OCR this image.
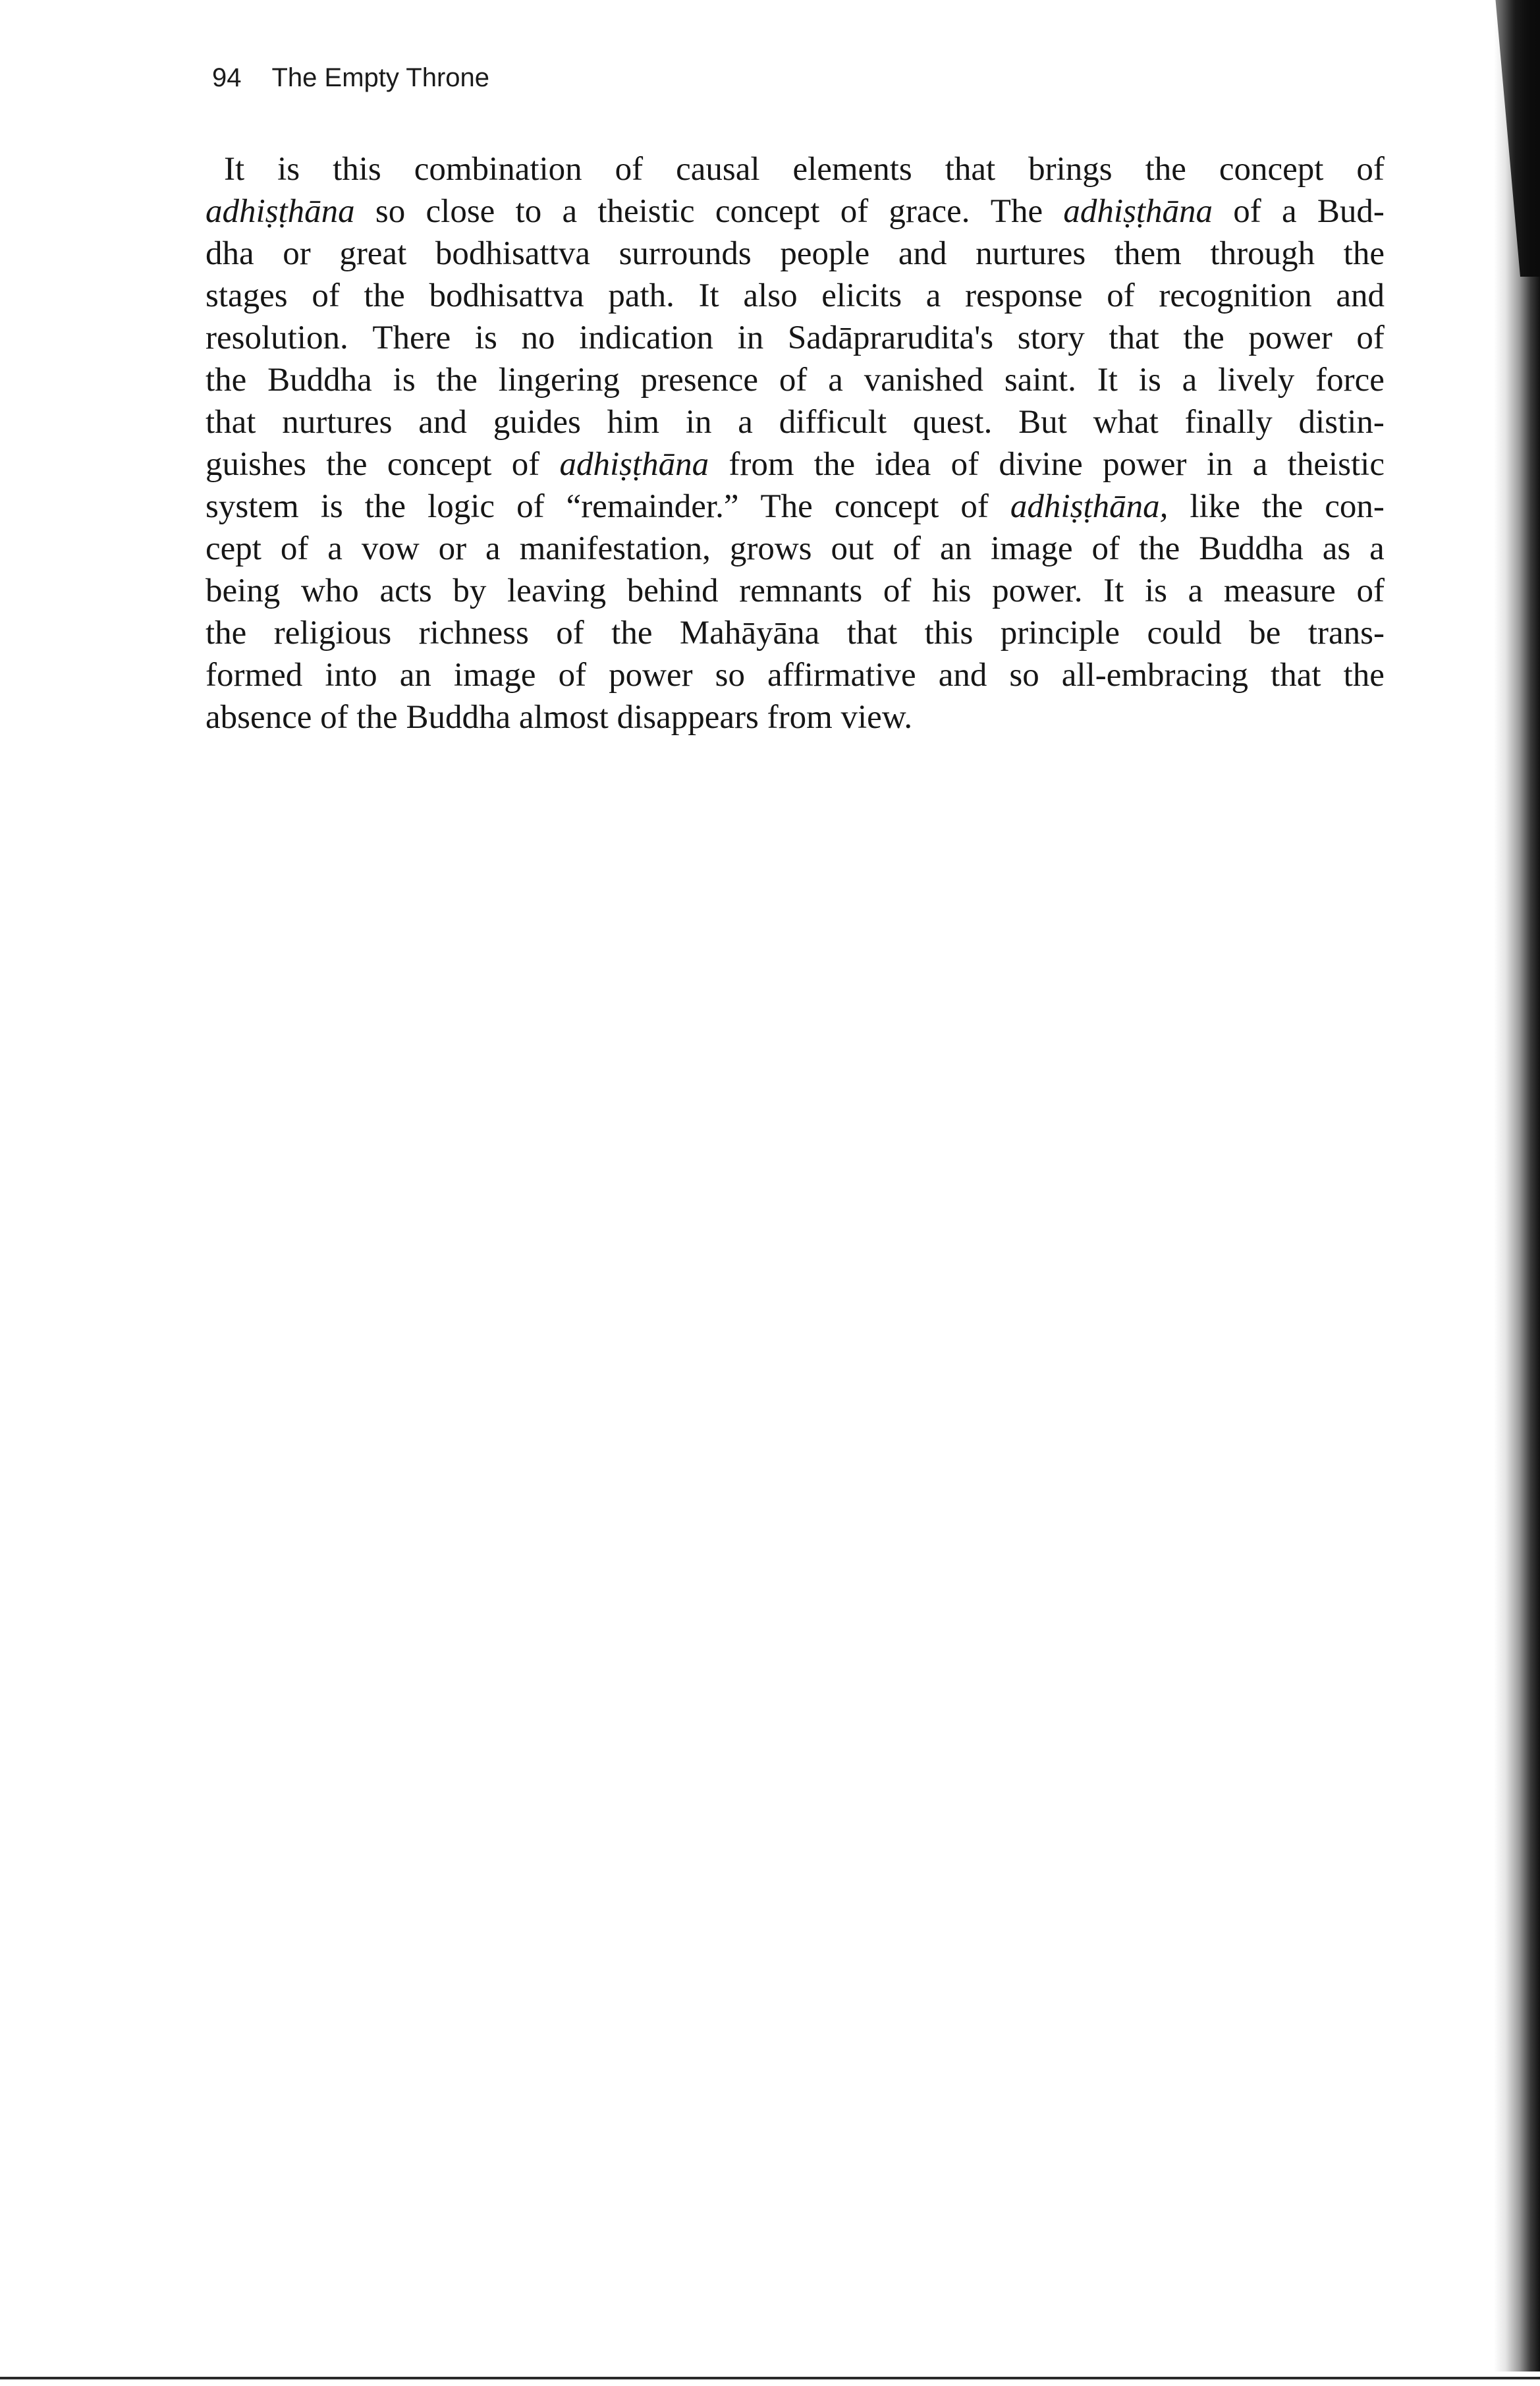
94 The Empty Throne
It is this combination of causal elements that brings the concept of
adhiṣṭhāna so close to a theistic concept of grace. The adhiṣṭhāna of a Bud-
dha or great bodhisattva surrounds people and nurtures them through the
stages of the bodhisattva path. It also elicits a response of recognition and
resolution. There is no indication in Sadāprarudita's story that the power of
the Buddha is the lingering presence of a vanished saint. It is a lively force
that nurtures and guides him in a difficult quest. But what finally distin-
guishes the concept of adhiṣṭhāna from the idea of divine power in a theistic
system is the logic of “remainder.” The concept of adhiṣṭhāna, like the con-
cept of a vow or a manifestation, grows out of an image of the Buddha as a
being who acts by leaving behind remnants of his power. It is a measure of
the religious richness of the Mahāyāna that this principle could be trans-
formed into an image of power so affirmative and so all-embracing that the
absence
of
the
Buddha
almost
disappears
from
view.
